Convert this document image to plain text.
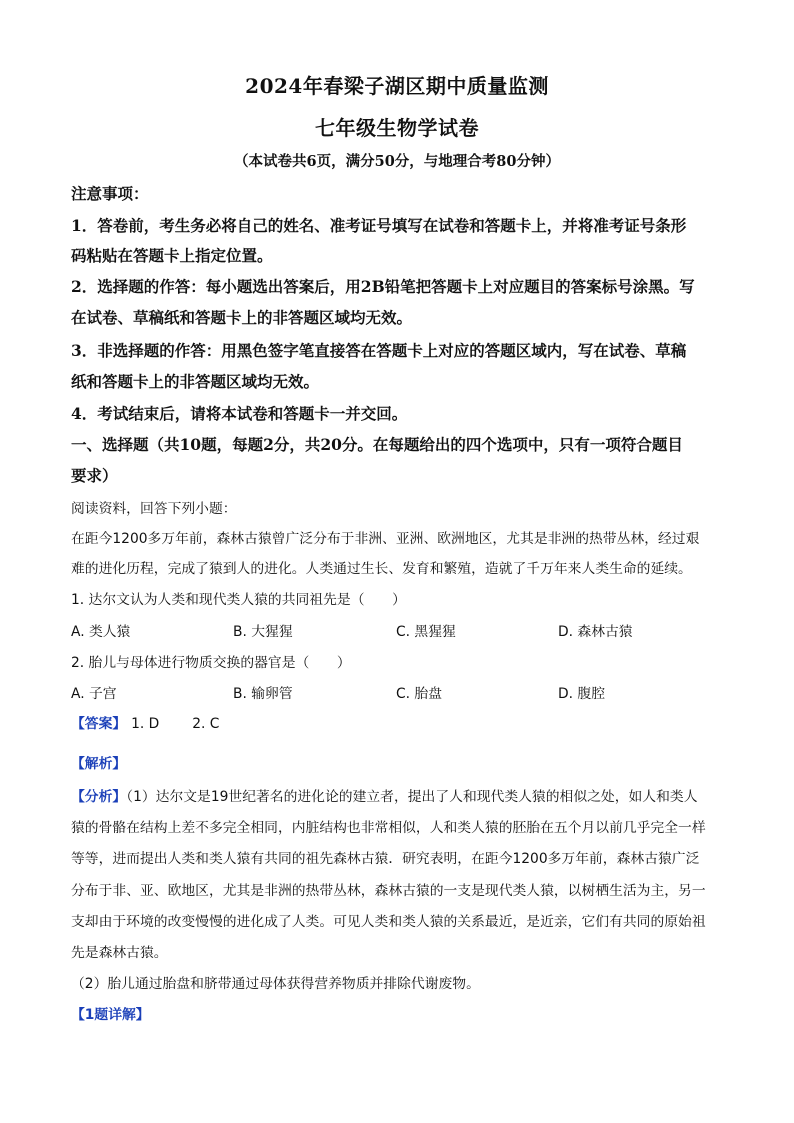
2024年春梁子湖区期中质量监测
七年级生物学试卷
（本试卷共6页，满分50分，与地理合考80分钟）
注意事项：
1．答卷前，考生务必将自己的姓名、准考证号填写在试卷和答题卡上，并将准考证号条形
码粘贴在答题卡上指定位置。
2．选择题的作答：每小题选出答案后，用2B铅笔把答题卡上对应题目的答案标号涂黑。写
在试卷、草稿纸和答题卡上的非答题区域均无效。
3．非选择题的作答：用黑色签字笔直接答在答题卡上对应的答题区域内，写在试卷、草稿
纸和答题卡上的非答题区域均无效。
4．考试结束后，请将本试卷和答题卡一并交回。
一、选择题（共10题，每题2分，共20分。在每题给出的四个选项中，只有一项符合题目
要求）
阅读资料，回答下列小题：
在距今1200多万年前，森林古猿曾广泛分布于非洲、亚洲、欧洲地区，尤其是非洲的热带丛林，经过艰
难的进化历程，完成了猿到人的进化。人类通过生长、发育和繁殖，造就了千万年来人类生命的延续。
1. 达尔文认为人类和现代类人猿的共同祖先是（　　）
A. 类人猿	B. 大猩猩	C. 黑猩猩	D. 森林古猿
2. 胎儿与母体进行物质交换的器官是（　　）
A. 子宫	B. 输卵管	C. 胎盘	D. 腹腔
【答案】 1. D 2. C
【解析】
【分析】（1）达尔文是19世纪著名的进化论的建立者，提出了人和现代类人猿的相似之处，如人和类人
猿的骨骼在结构上差不多完全相同，内脏结构也非常相似，人和类人猿的胚胎在五个月以前几乎完全一样
等等，进而提出人类和类人猿有共同的祖先森林古猿．研究表明，在距今1200多万年前，森林古猿广泛
分布于非、亚、欧地区，尤其是非洲的热带丛林，森林古猿的一支是现代类人猿，以树栖生活为主，另一
支却由于环境的改变慢慢的进化成了人类。可见人类和类人猿的关系最近，是近亲，它们有共同的原始祖
先是森林古猿。
（2）胎儿通过胎盘和脐带通过母体获得营养物质并排除代谢废物。
【1题详解】
